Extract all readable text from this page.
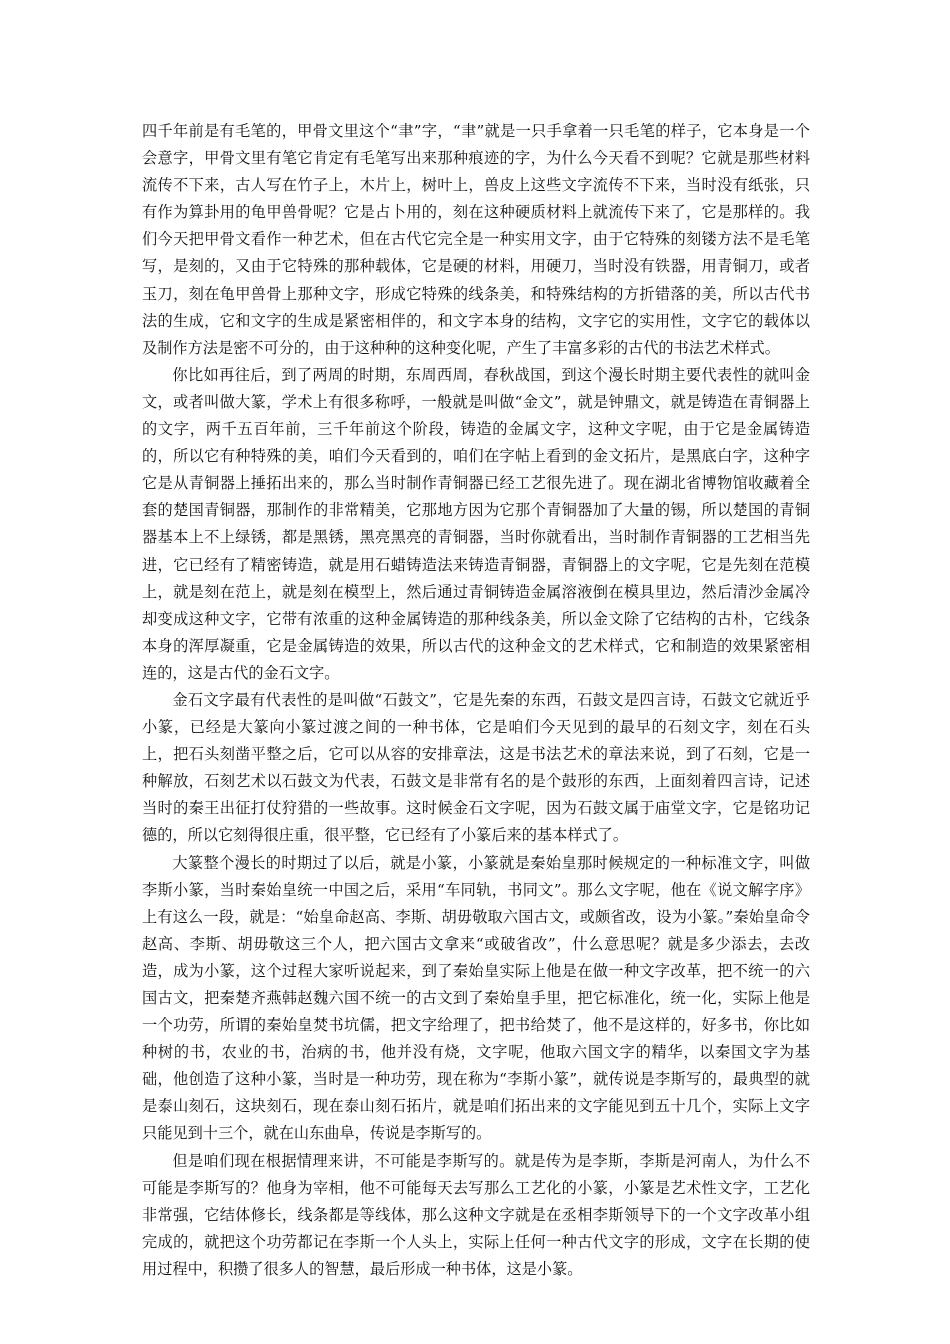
四千年前是有毛笔的，甲骨文里这个“聿”字，“聿”就是一只手拿着一只毛笔的样子，它本身是一个会意字，甲骨文里有笔它肯定有毛笔写出来那种痕迹的字，为什么今天看不到呢？它就是那些材料流传不下来，古人写在竹子上，木片上，树叶上，兽皮上这些文字流传不下来，当时没有纸张，只有作为算卦用的龟甲兽骨呢？它是占卜用的，刻在这种硬质材料上就流传下来了，它是那样的。我们今天把甲骨文看作一种艺术，但在古代它完全是一种实用文字，由于它特殊的刻镂方法不是毛笔写，是刻的，又由于它特殊的那种载体，它是硬的材料，用硬刀，当时没有铁器，用青铜刀，或者玉刀，刻在龟甲兽骨上那种文字，形成它特殊的线条美，和特殊结构的方折错落的美，所以古代书法的生成，它和文字的生成是紧密相伴的，和文字本身的结构，文字它的实用性，文字它的载体以及制作方法是密不可分的，由于这种种的这种变化呢，产生了丰富多彩的古代的书法艺术样式。

你比如再往后，到了两周的时期，东周西周，春秋战国，到这个漫长时期主要代表性的就叫金文，或者叫做大篆，学术上有很多称呼，一般就是叫做“金文”，就是钟鼎文，就是铸造在青铜器上的文字，两千五百年前，三千年前这个阶段，铸造的金属文字，这种文字呢，由于它是金属铸造的，所以它有种特殊的美，咱们今天看到的，咱们在字帖上看到的金文拓片，是黑底白字，这种字它是从青铜器上捶拓出来的，那么当时制作青铜器已经工艺很先进了。现在湖北省博物馆收藏着全套的楚国青铜器，那制作的非常精美，它那地方因为它那个青铜器加了大量的锡，所以楚国的青铜器基本上不上绿锈，都是黑锈，黑亮黑亮的青铜器，当时你就看出，当时制作青铜器的工艺相当先进，它已经有了精密铸造，就是用石蜡铸造法来铸造青铜器，青铜器上的文字呢，它是先刻在范模上，就是刻在范上，就是刻在模型上，然后通过青铜铸造金属溶液倒在模具里边，然后清沙金属冷却变成这种文字，它带有浓重的这种金属铸造的那种线条美，所以金文除了它结构的古朴，它线条本身的浑厚凝重，它是金属铸造的效果，所以古代的这种金文的艺术样式，它和制造的效果紧密相连的，这是古代的金石文字。

金石文字最有代表性的是叫做“石鼓文”，它是先秦的东西，石鼓文是四言诗，石鼓文它就近乎小篆，已经是大篆向小篆过渡之间的一种书体，它是咱们今天见到的最早的石刻文字，刻在石头上，把石头刻凿平整之后，它可以从容的安排章法，这是书法艺术的章法来说，到了石刻，它是一种解放，石刻艺术以石鼓文为代表，石鼓文是非常有名的是个鼓形的东西，上面刻着四言诗，记述当时的秦王出征打仗狩猎的一些故事。这时候金石文字呢，因为石鼓文属于庙堂文字，它是铭功记德的，所以它刻得很庄重，很平整，它已经有了小篆后来的基本样式了。

大篆整个漫长的时期过了以后，就是小篆，小篆就是秦始皇那时候规定的一种标准文字，叫做李斯小篆，当时秦始皇统一中国之后，采用“车同轨，书同文”。那么文字呢，他在《说文解字序》上有这么一段，就是：“始皇命赵高、李斯、胡毋敬取六国古文，或颇省改，设为小篆。”秦始皇命令赵高、李斯、胡毋敬这三个人，把六国古文拿来“或破省改”，什么意思呢？就是多少添去，去改造，成为小篆，这个过程大家听说起来，到了秦始皇实际上他是在做一种文字改革，把不统一的六国古文，把秦楚齐燕韩赵魏六国不统一的古文到了秦始皇手里，把它标准化，统一化，实际上他是一个功劳，所谓的秦始皇焚书坑儒，把文字给理了，把书给焚了，他不是这样的，好多书，你比如种树的书，农业的书，治病的书，他并没有烧，文字呢，他取六国文字的精华，以秦国文字为基础，他创造了这种小篆，当时是一种功劳，现在称为“李斯小篆”，就传说是李斯写的，最典型的就是泰山刻石，这块刻石，现在泰山刻石拓片，就是咱们拓出来的文字能见到五十几个，实际上文字只能见到十三个，就在山东曲阜，传说是李斯写的。

但是咱们现在根据情理来讲，不可能是李斯写的。就是传为是李斯，李斯是河南人，为什么不可能是李斯写的？他身为宰相，他不可能每天去写那么工艺化的小篆，小篆是艺术性文字，工艺化非常强，它结体修长，线条都是等线体，那么这种文字就是在丞相李斯领导下的一个文字改革小组完成的，就把这个功劳都记在李斯一个人头上，实际上任何一种古代文字的形成，文字在长期的使用过程中，积攒了很多人的智慧，最后形成一种书体，这是小篆。
